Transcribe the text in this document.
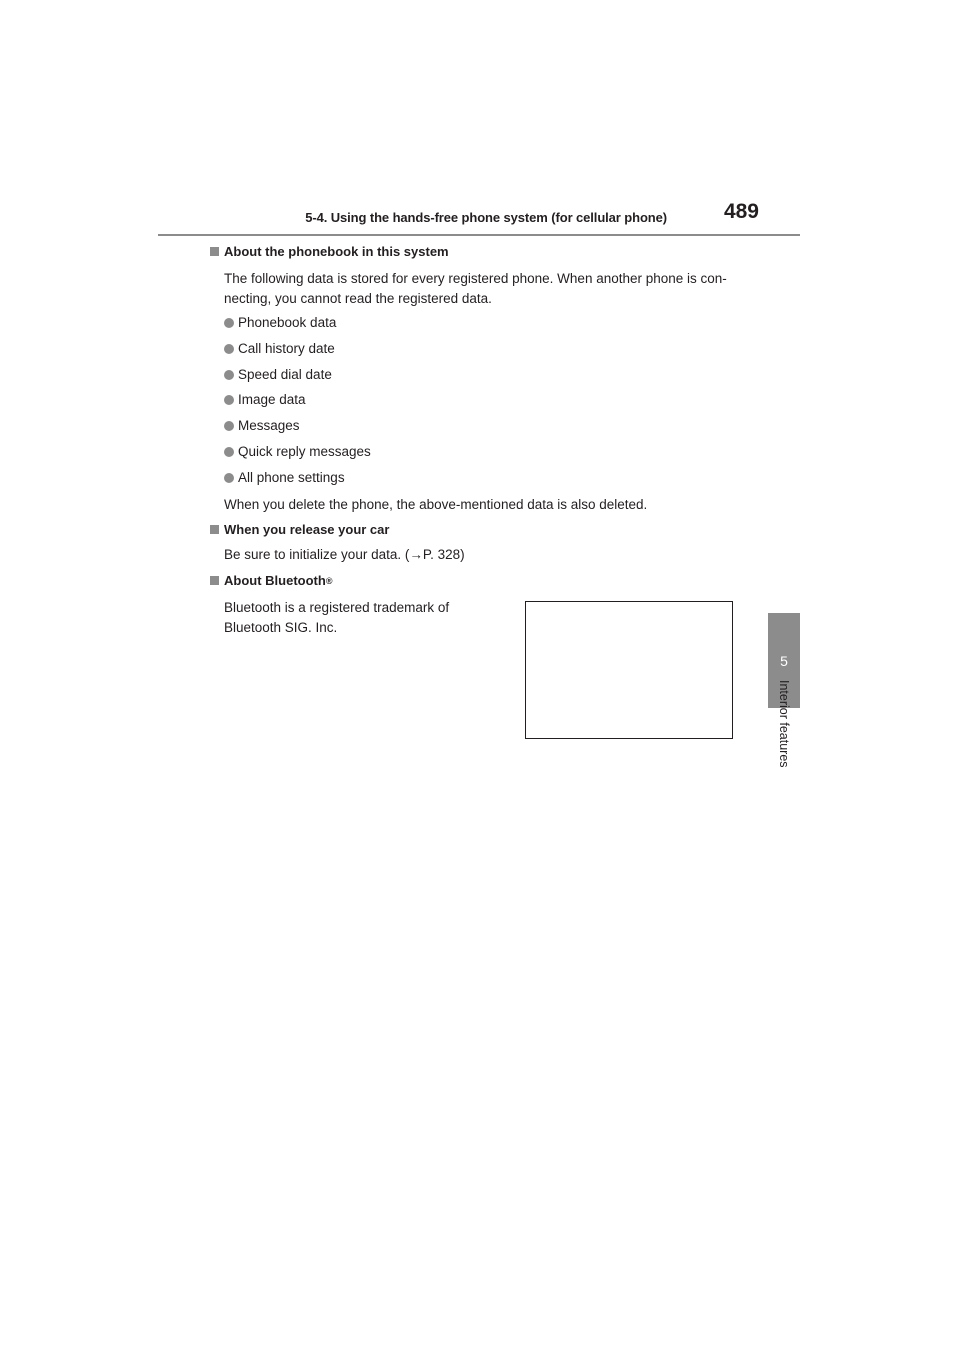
5-4. Using the hands-free phone system (for cellular phone)	489
5
Interior features
About the phonebook in this system
The following data is stored for every registered phone. When another phone is con-
necting, you cannot read the registered data.
Phonebook data
Call history date
Speed dial date
Image data
Messages
Quick reply messages
All phone settings
When you delete the phone, the above-mentioned data is also deleted.
When you release your car
Be sure to initialize your data. (→P. 328)
About Bluetooth ®
Bluetooth is a registered trademark of
Bluetooth SIG. Inc.
